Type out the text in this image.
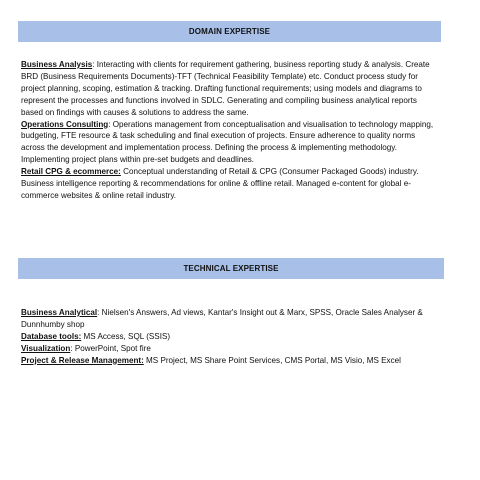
DOMAIN EXPERTISE

Business Analysis: Interacting with clients for requirement gathering, business reporting study & analysis. Create BRD (Business Requirements Documents)-TFT (Technical Feasibility Template) etc. Conduct process study for project planning, scoping, estimation & tracking. Drafting functional requirements; using models and diagrams to represent the processes and functions involved in SDLC. Generating and compiling business analytical reports based on findings with causes & solutions to address the same.

Operations Consulting: Operations management from conceptualisation and visualisation to technology mapping, budgeting, FTE resource & task scheduling and final execution of projects. Ensure adherence to quality norms across the development and implementation process. Defining the process & implementing methodology. Implementing project plans within pre-set budgets and deadlines.

Retail CPG & ecommerce: Conceptual understanding of Retail & CPG (Consumer Packaged Goods) industry. Business intelligence reporting & recommendations for online & offline retail. Managed e-content for global e-commerce websites & online retail industry.

TECHNICAL EXPERTISE

Business Analytical: Nielsen's Answers, Ad views, Kantar's Insight out & Marx, SPSS, Oracle Sales Analyser & Dunnhumby shop

Database tools: MS Access, SQL (SSIS)

Visualization: PowerPoint, Spot fire

Project & Release Management: MS Project, MS Share Point Services, CMS Portal, MS Visio, MS Excel
